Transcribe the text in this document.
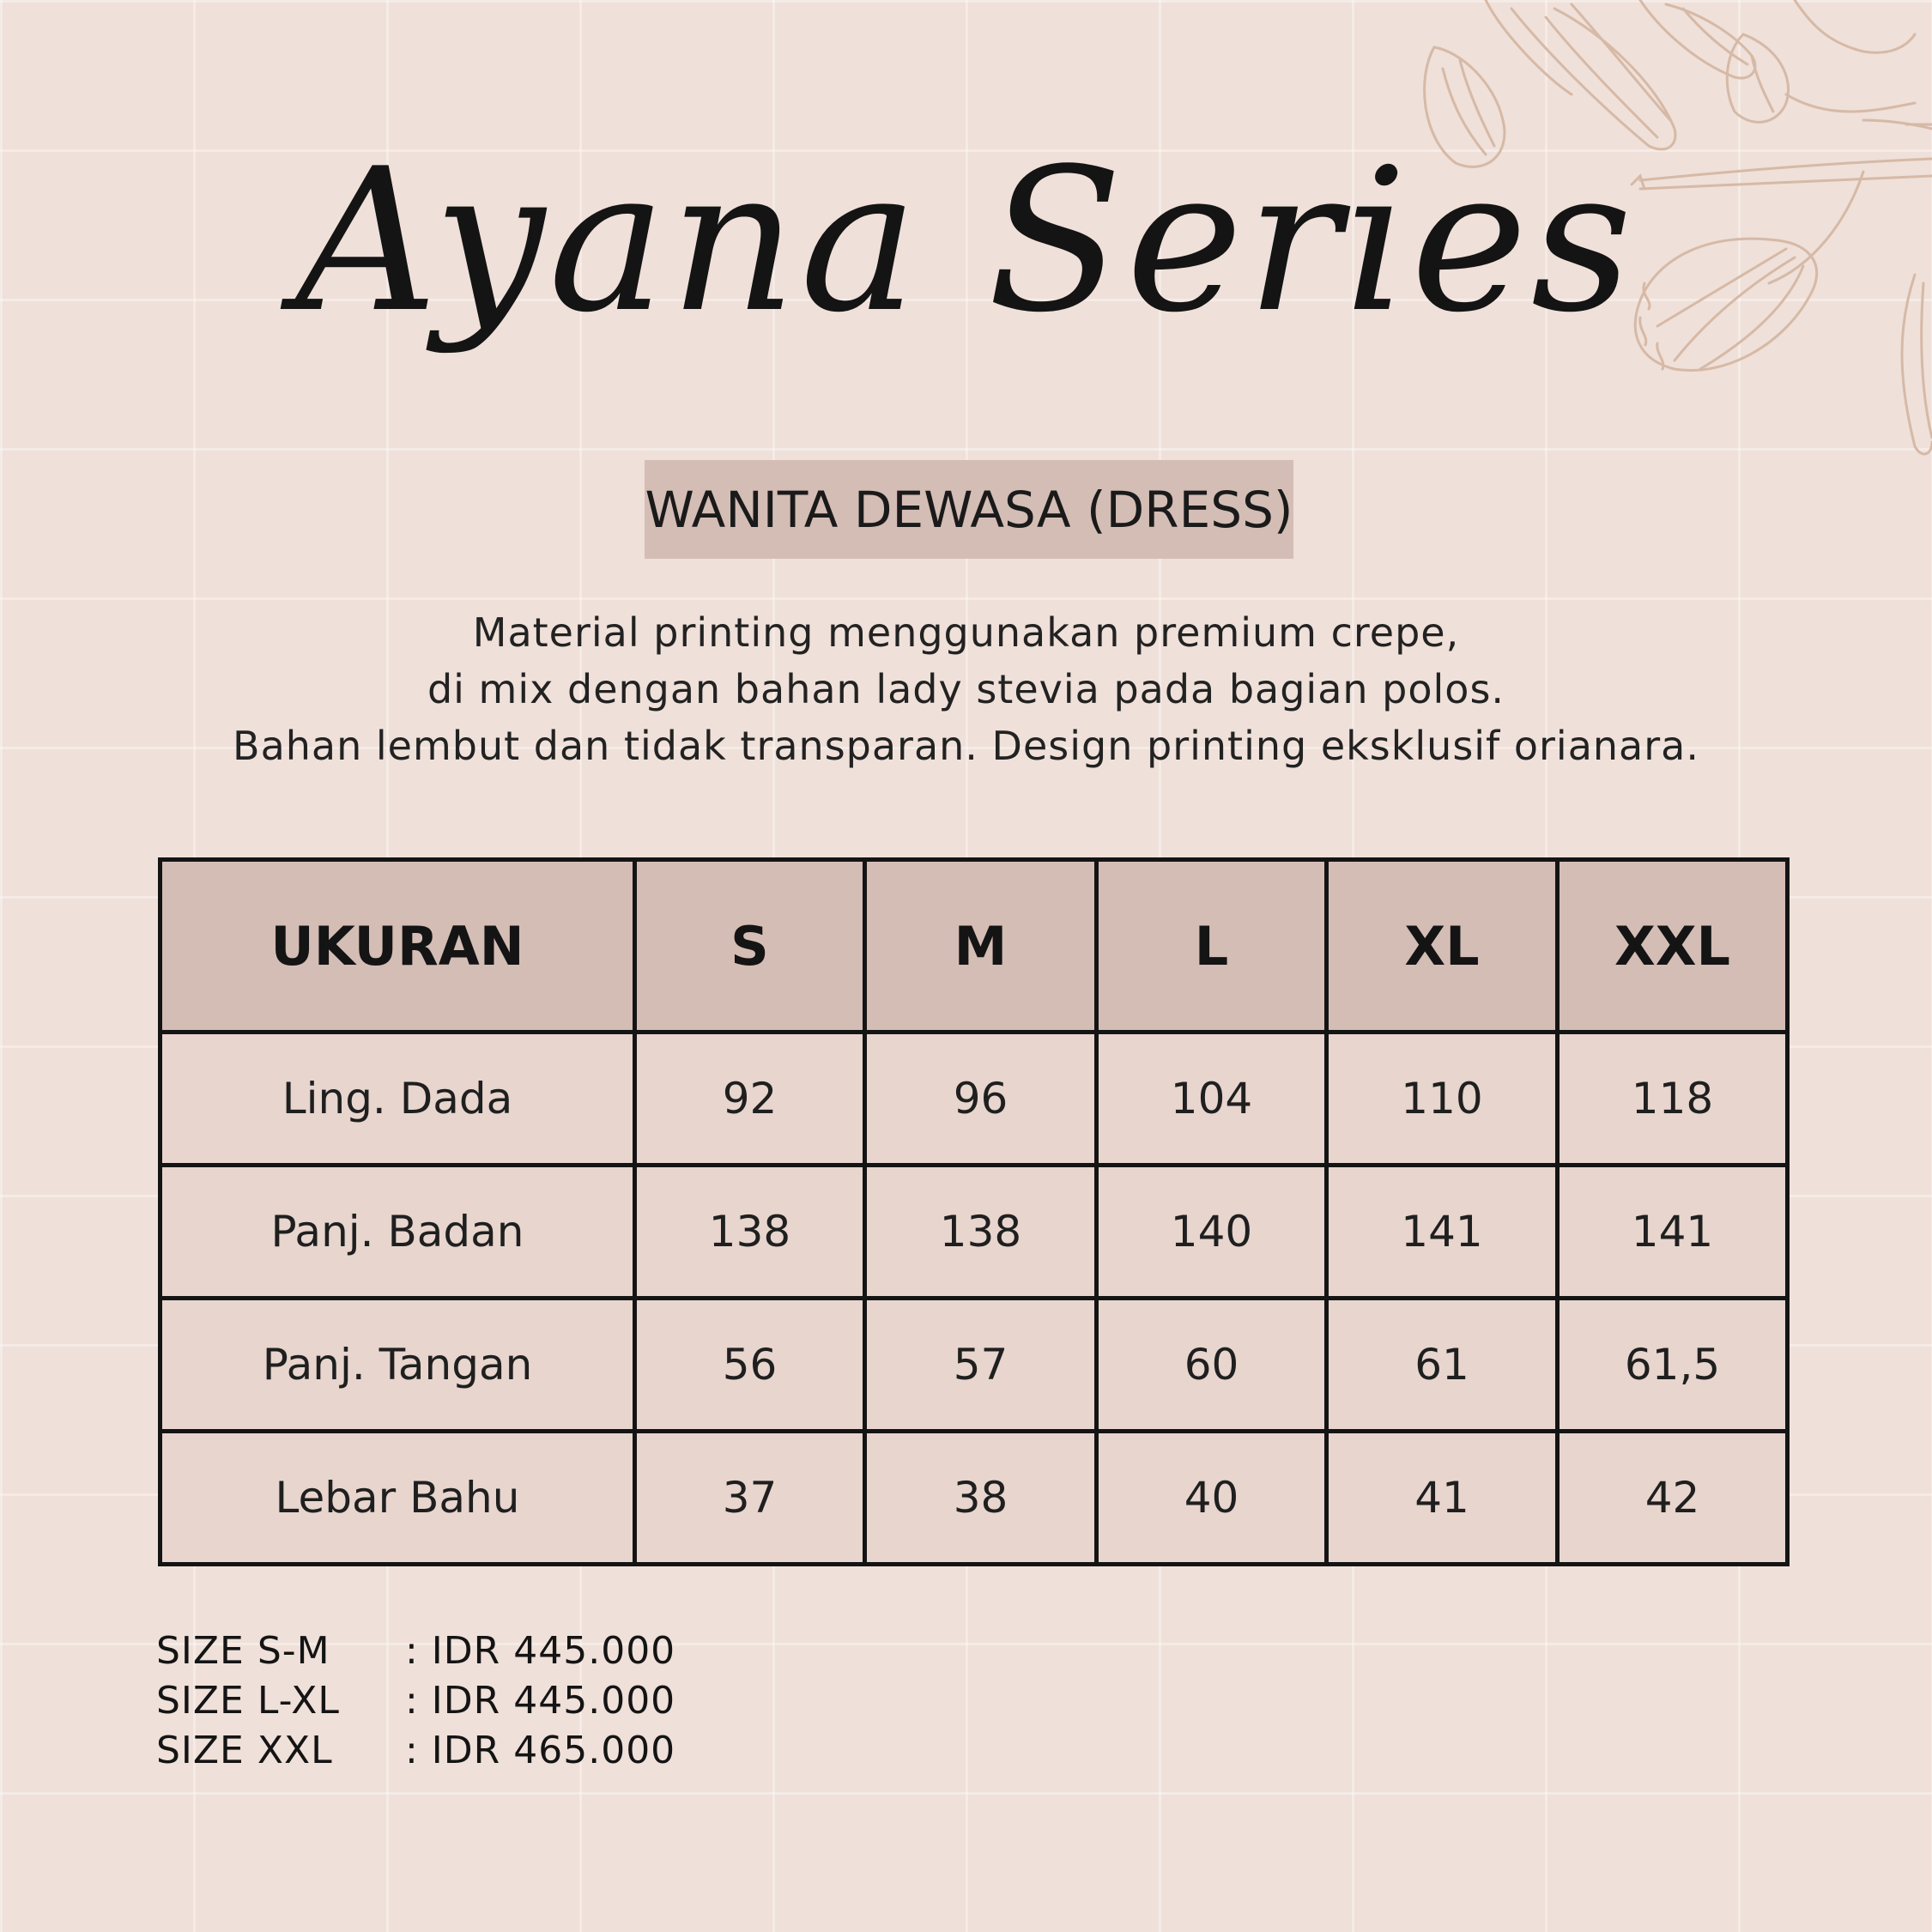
Ayana Series
WANITA DEWASA (DRESS)
Material printing menggunakan premium crepe,
di mix dengan bahan lady stevia pada bagian polos.
Bahan lembut dan tidak transparan. Design printing eksklusif orianara.
UKURAN	S	M	L	XL	XXL
Ling. Dada	92	96	104	110	118
Panj. Badan	138	138	140	141	141
Panj. Tangan	56	57	60	61	61,5
Lebar Bahu	37	38	40	41	42
SIZE S-M	: IDR 445.000
SIZE L-XL	: IDR 445.000
SIZE XXL	: IDR 465.000
